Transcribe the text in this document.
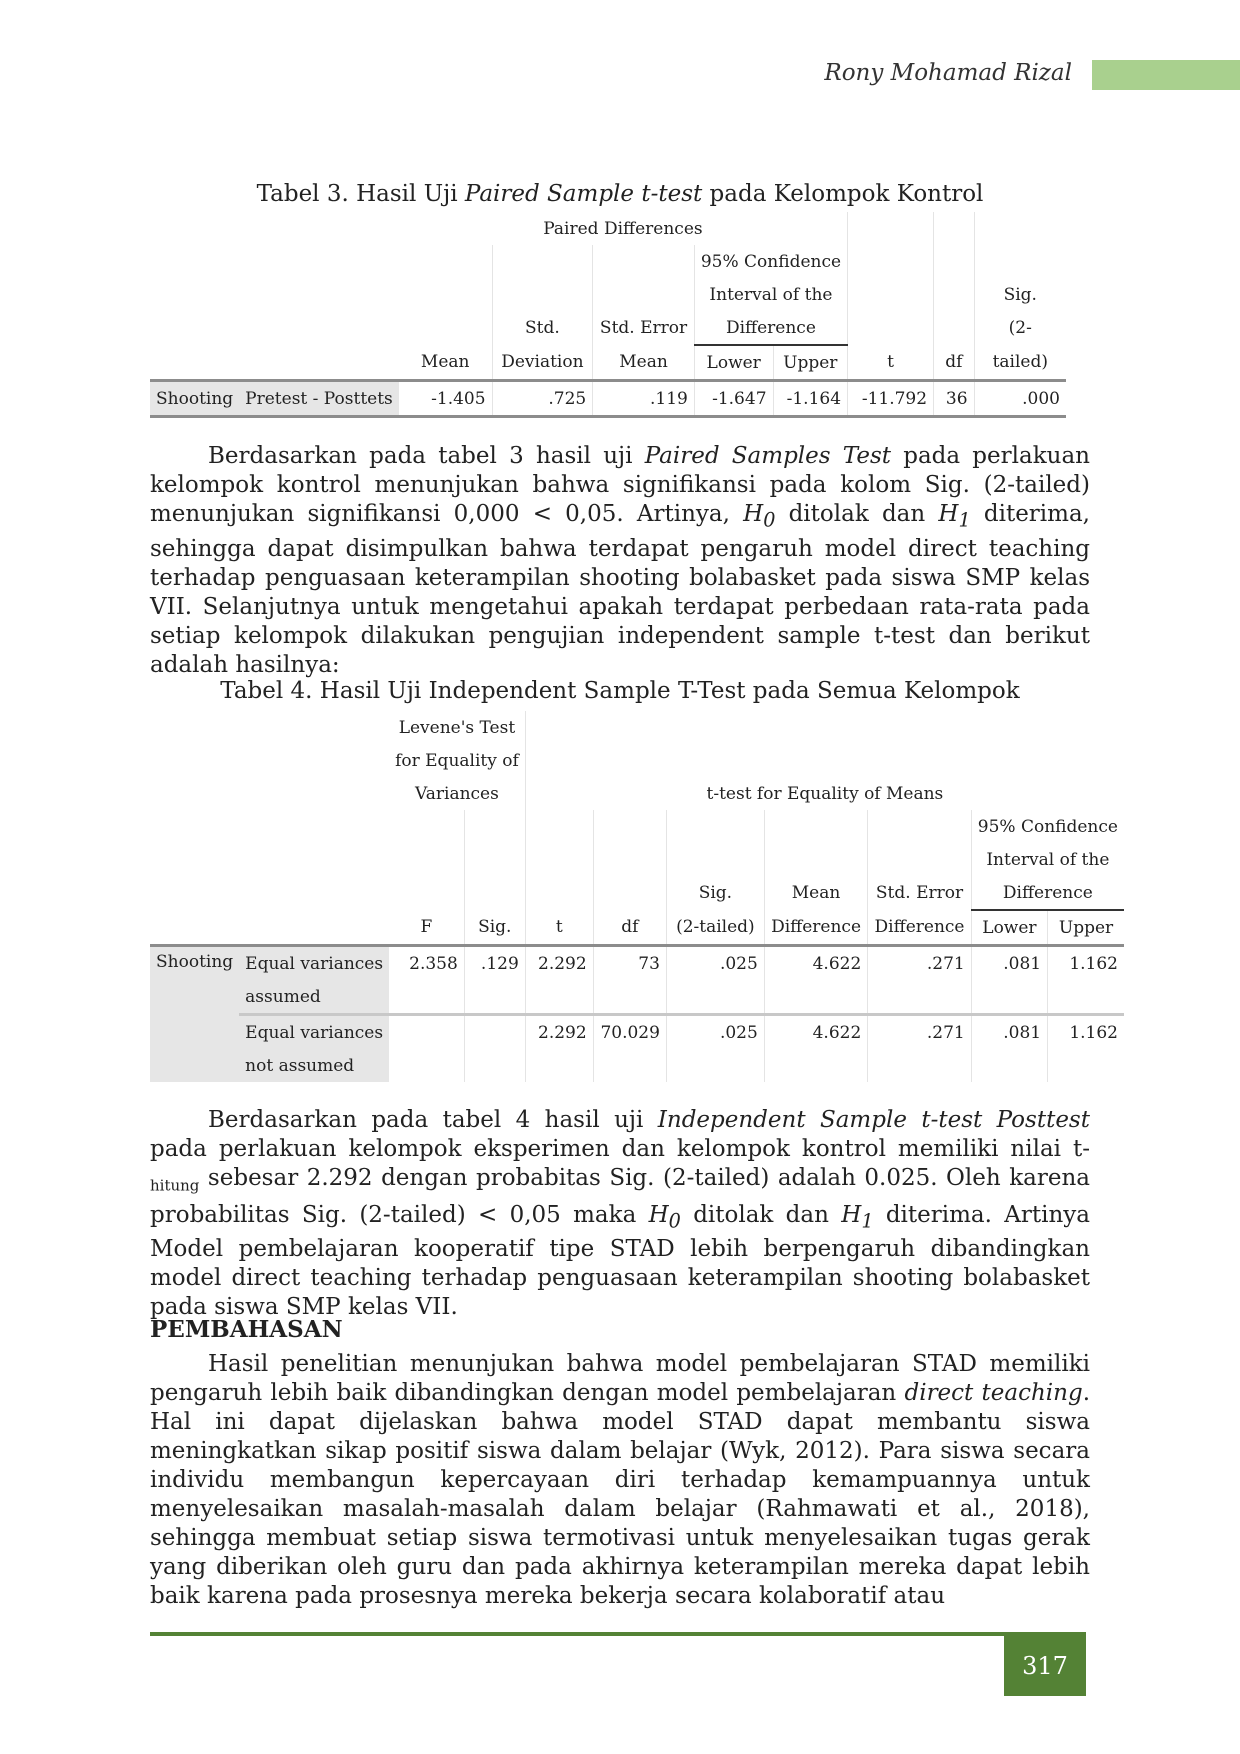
Rony Mohamad Rizal
Tabel 3. Hasil Uji Paired Sample t-test pada Kelompok Kontrol
		Paired Differences							
					95% Confidence				
					Interval of the				Sig.
			Std.	Std. Error	Difference				(2-
		Mean	Deviation	Mean	Lower	Upper	t	df	tailed)
Shooting	Pretest - Posttets	-1.405	.725	.119	-1.647	-1.164	-11.792	36	.000

Berdasarkan pada tabel 3 hasil uji Paired Samples Test pada perlakuan kelompok kontrol menunjukan bahwa signifikansi pada kolom Sig. (2-tailed) menunjukan signifikansi 0,000 < 0,05. Artinya, $H_0$ ditolak dan $H_1$ diterima, sehingga dapat disimpulkan bahwa terdapat pengaruh model direct teaching terhadap penguasaan keterampilan shooting bolabasket pada siswa SMP kelas VII. Selanjutnya untuk mengetahui apakah terdapat perbedaan rata-rata pada setiap kelompok dilakukan pengujian independent sample t-test dan berikut adalah hasilnya:

Tabel 4. Hasil Uji Independent Sample T-Test pada Semua Kelompok
		Levene's Test								
		for Equality of								
		Variances		t-test for Equality of Means						
									95% Confidence	
									Interval of the	
						Sig.	Mean	Std. Error	Difference	
		F	Sig.	t	df	(2-tailed)	Difference	Difference	Lower	Upper
Shooting	Equal variances	2.358	.129	2.292	73	.025	4.622	.271	.081	1.162
	assumed									
	Equal variances			2.292	70.029	.025	4.622	.271	.081	1.162
	not assumed									

Berdasarkan pada tabel 4 hasil uji Independent Sample t-test Posttest pada perlakuan kelompok eksperimen dan kelompok kontrol memiliki nilai $t-_{hitung}$ sebesar 2.292 dengan probabitas Sig. (2-tailed) adalah 0.025. Oleh karena probabilitas Sig. (2-tailed) < 0,05 maka $H_0$ ditolak dan $H_1$ diterima. Artinya Model pembelajaran kooperatif tipe STAD lebih berpengaruh dibandingkan model direct teaching terhadap penguasaan keterampilan shooting bolabasket pada siswa SMP kelas VII.

PEMBAHASAN

Hasil penelitian menunjukan bahwa model pembelajaran STAD memiliki pengaruh lebih baik dibandingkan dengan model pembelajaran direct teaching. Hal ini dapat dijelaskan bahwa model STAD dapat membantu siswa meningkatkan sikap positif siswa dalam belajar (Wyk, 2012). Para siswa secara individu membangun kepercayaan diri terhadap kemampuannya untuk menyelesaikan masalah-masalah dalam belajar (Rahmawati et al., 2018), sehingga membuat setiap siswa termotivasi untuk menyelesaikan tugas gerak yang diberikan oleh guru dan pada akhirnya keterampilan mereka dapat lebih baik karena pada prosesnya mereka bekerja secara kolaboratif atau

317
